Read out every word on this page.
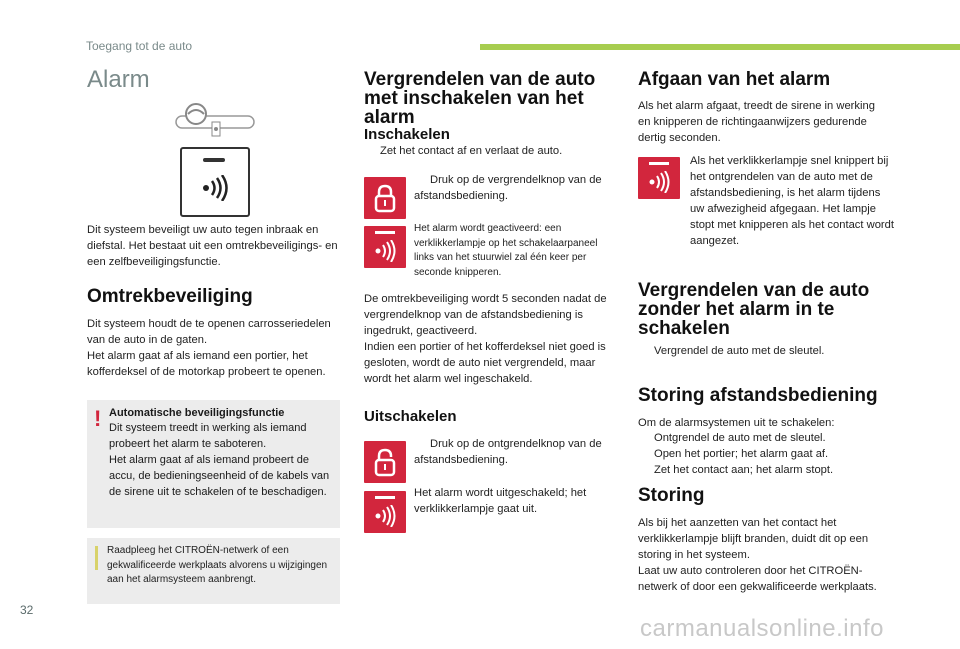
Toegang tot de auto
Alarm
Dit systeem beveiligt uw auto tegen inbraak en diefstal. Het bestaat uit een omtrekbeveiligings- en een zelfbeveiligingsfunctie.
Omtrekbeveiliging
Dit systeem houdt de te openen carrosseriedelen van de auto in de gaten.
Het alarm gaat af als iemand een portier, het kofferdeksel of de motorkap probeert te openen.
! Automatische beveiligingsfunctie
Dit systeem treedt in werking als iemand probeert het alarm te saboteren.
Het alarm gaat af als iemand probeert de accu, de bedieningseenheid of de kabels van de sirene uit te schakelen of te beschadigen.
Raadpleeg het CITROËN-netwerk of een gekwalificeerde werkplaats alvorens u wijzigingen aan het alarmsysteem aanbrengt.
Vergrendelen van de auto met inschakelen van het alarm
Inschakelen
Zet het contact af en verlaat de auto.
Druk op de vergrendelknop van de afstandsbediening.
Het alarm wordt geactiveerd: een verklikkerlampje op het schakelaarpaneel links van het stuurwiel zal één keer per seconde knipperen.
De omtrekbeveiliging wordt 5 seconden nadat de vergrendelknop van de afstandsbediening is ingedrukt, geactiveerd.
Indien een portier of het kofferdeksel niet goed is gesloten, wordt de auto niet vergrendeld, maar wordt het alarm wel ingeschakeld.
Uitschakelen
Druk op de ontgrendelknop van de afstandsbediening.
Het alarm wordt uitgeschakeld; het verklikkerlampje gaat uit.
Afgaan van het alarm
Als het alarm afgaat, treedt de sirene in werking en knipperen de richtingaanwijzers gedurende dertig seconden.
Als het verklikkerlampje snel knippert bij het ontgrendelen van de auto met de afstandsbediening, is het alarm tijdens uw afwezigheid afgegaan. Het lampje stopt met knipperen als het contact wordt aangezet.
Vergrendelen van de auto zonder het alarm in te schakelen
Vergrendel de auto met de sleutel.
Storing afstandsbediening
Om de alarmsystemen uit te schakelen:
Ontgrendel de auto met de sleutel.
Open het portier; het alarm gaat af.
Zet het contact aan; het alarm stopt.
Storing
Als bij het aanzetten van het contact het verklikkerlampje blijft branden, duidt dit op een storing in het systeem.
Laat uw auto controleren door het CITROËN-netwerk of door een gekwalificeerde werkplaats.
32
carmanualsonline.info
